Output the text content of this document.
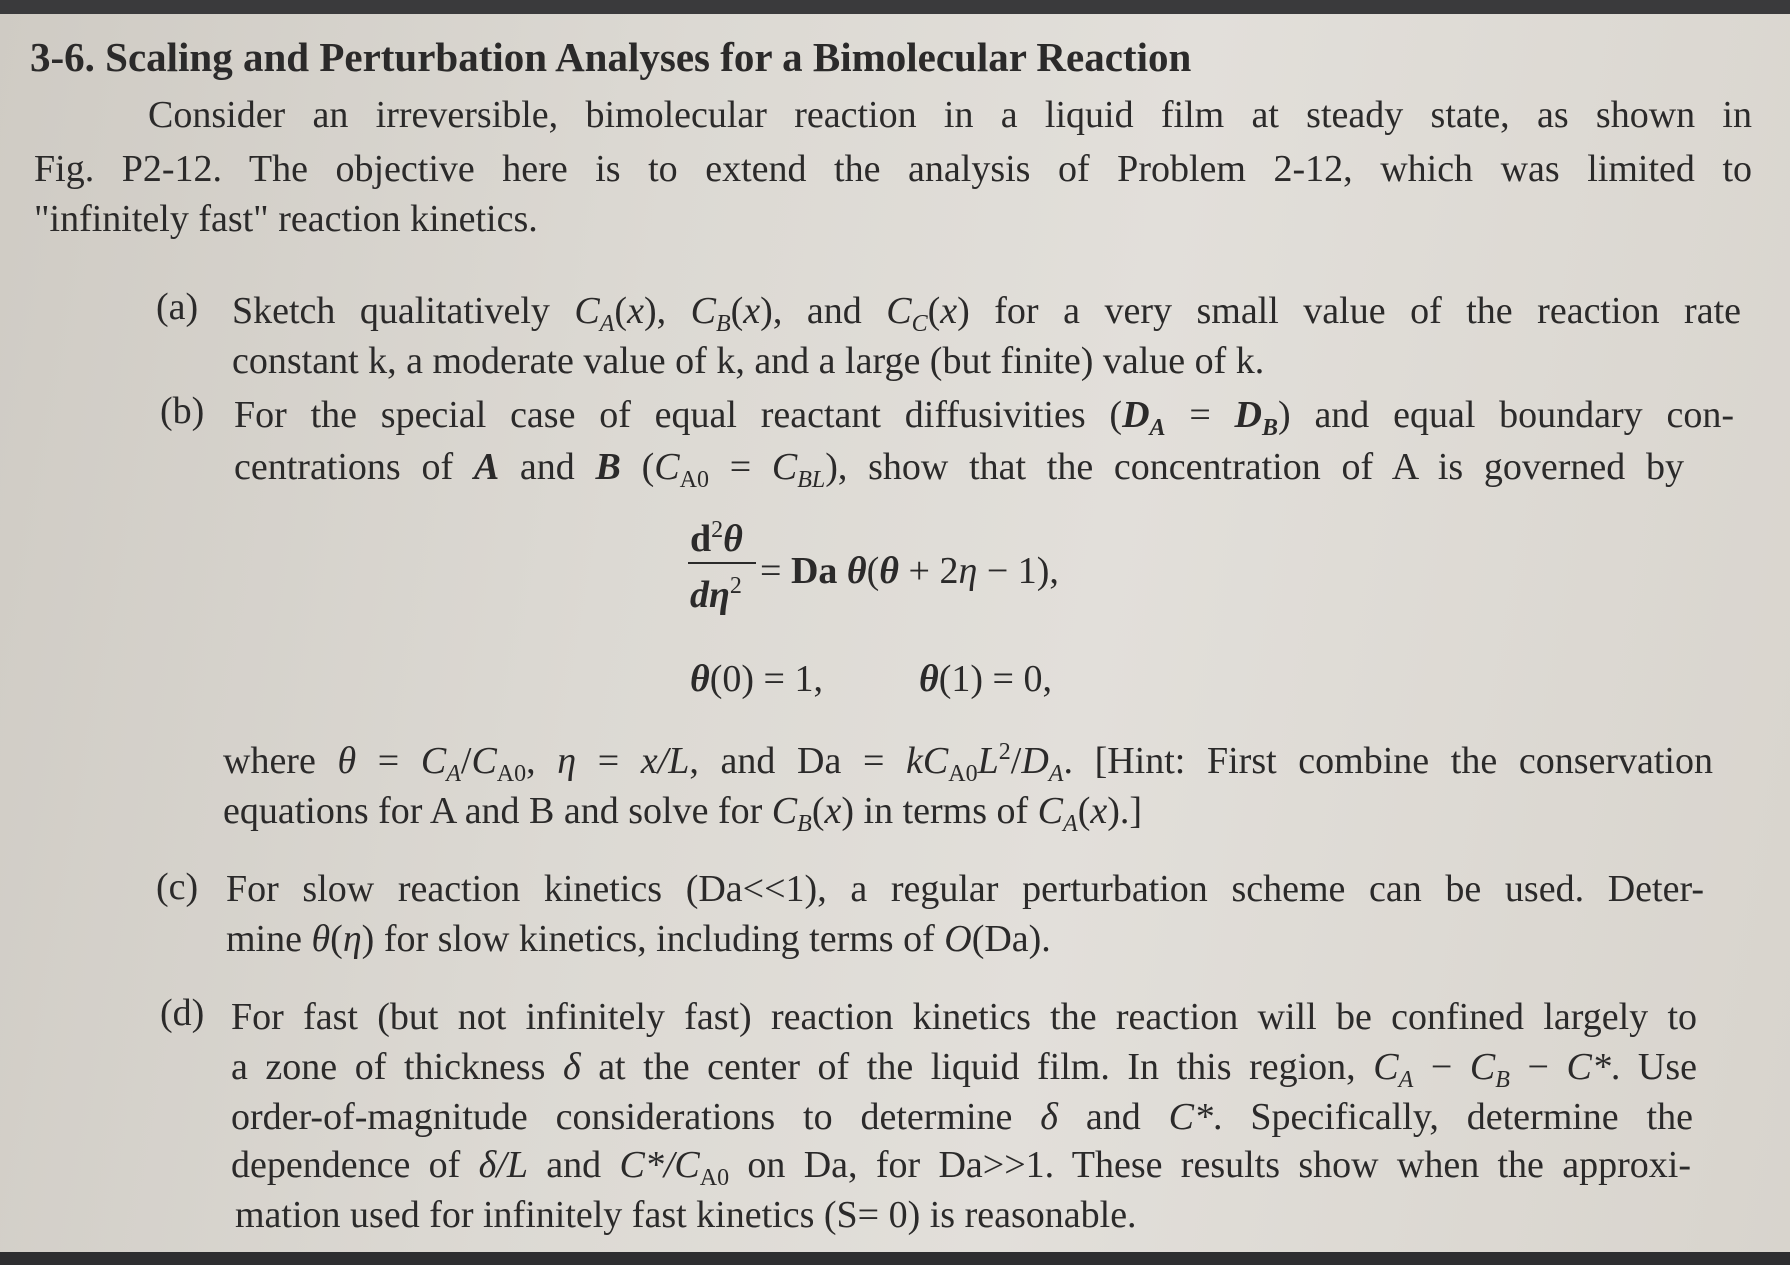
3-6. Scaling and Perturbation Analyses for a Bimolecular Reaction
Consider an irreversible, bimolecular reaction in a liquid film at steady state, as shown in
Fig. P2-12. The objective here is to extend the analysis of Problem 2-12, which was limited to
"infinitely fast" reaction kinetics.
(a) Sketch qualitatively $C_A(x)$, $C_B(x)$, and $C_C(x)$ for a very small value of the reaction rate
constant k, a moderate value of k, and a large (but finite) value of k.
(b) For the special case of equal reactant diffusivities $(D_A = D_B)$ and equal boundary con-
centrations of A and B $(C_{A0} = C_{BL})$, show that the concentration of A is governed by
$d^2\theta$
$d\eta^2 = Da$ θ(θ + 2η − 1),
θ(0) = 1,	θ(1) = 0,
where $\theta = C_A/C_{A0}$, η = x/L, and $Da = kC_{A0}L^2/D_A$. [Hint: First combine the conservation
equations for A and B and solve for $C_B(x)$ in terms of $C_A(x)$.]
(c) For slow reaction kinetics (Da<<1), a regular perturbation scheme can be used. Deter-
mine θ(η) for slow kinetics, including terms of O(Da).
(d) For fast (but not infinitely fast) reaction kinetics the reaction will be confined largely to
a zone of thickness δ at the center of the liquid film. In this region, $C_A - C_B - C*$. Use
order-of-magnitude considerations to determine δ and C*. Specifically, determine the
dependence of δ/L and $C*/C_{A0}$ on Da, for Da>>1. These results show when the approxi-
mation used for infinitely fast kinetics (S= 0) is reasonable.
